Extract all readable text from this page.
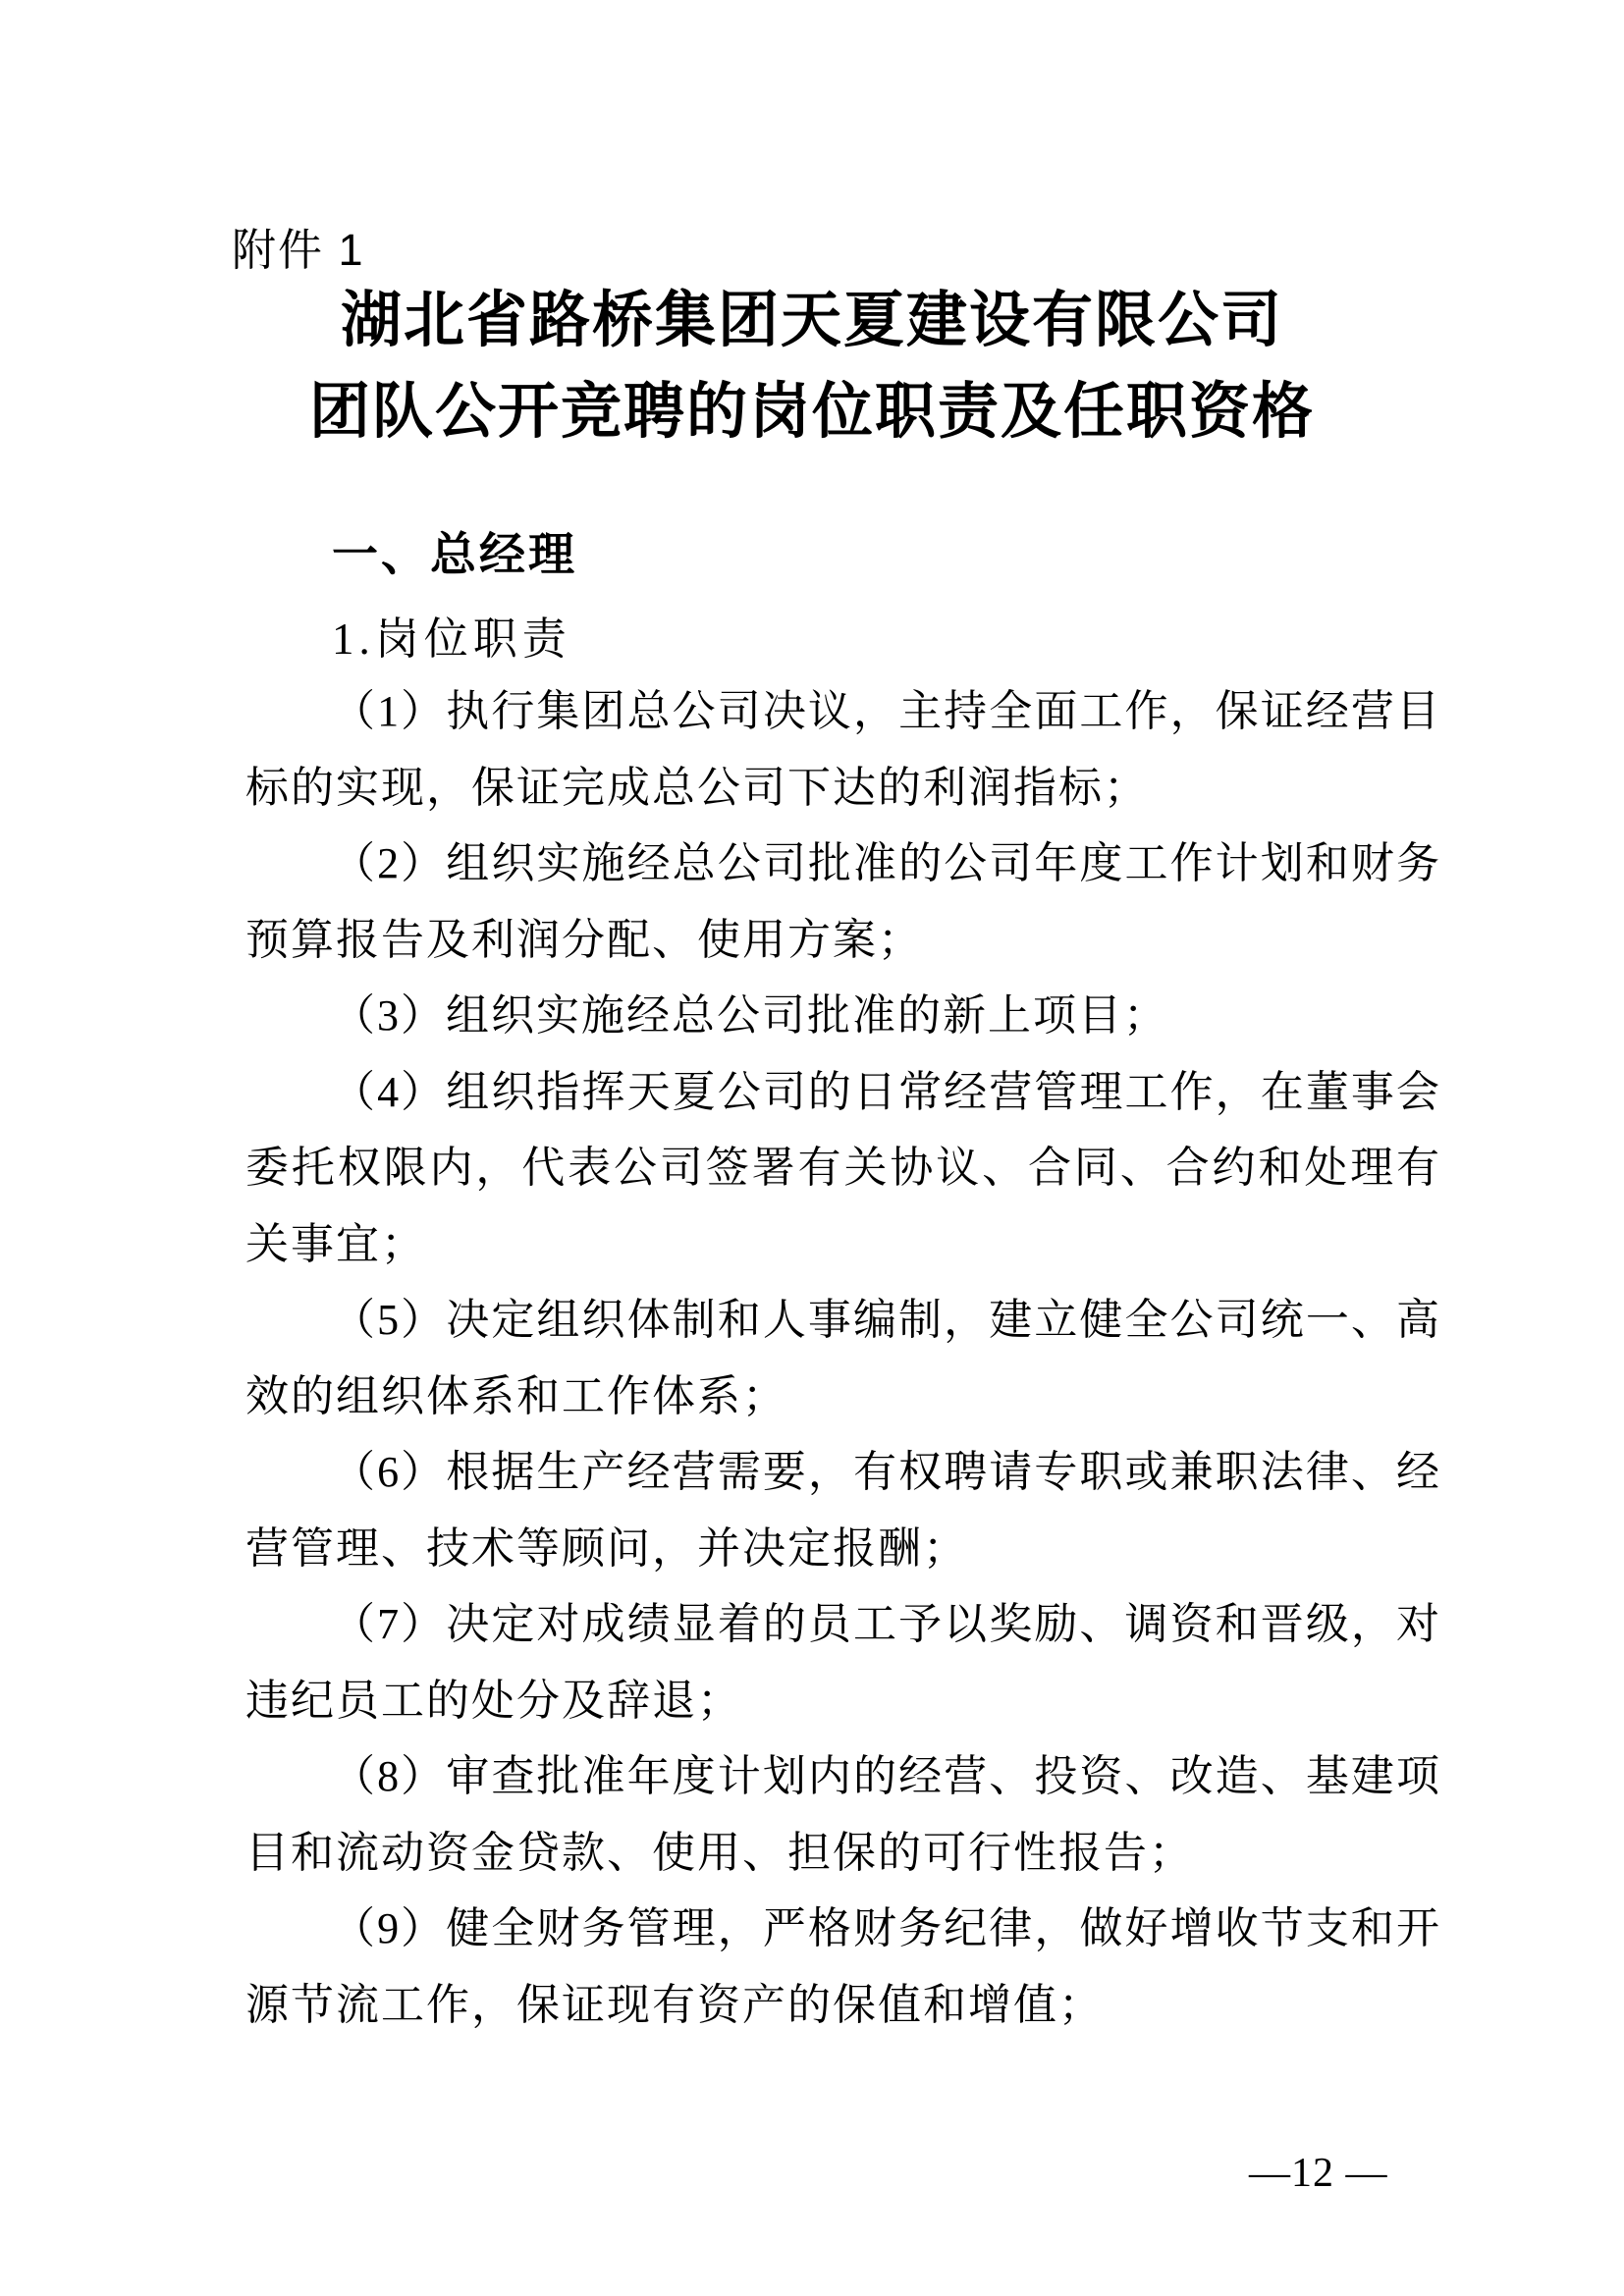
附件 1
湖北省路桥集团天夏建设有限公司
团队公开竞聘的岗位职责及任职资格
一、总经理
1.岗位职责

（1）执行集团总公司决议，主持全面工作，保证经营目标的实现，保证完成总公司下达的利润指标；

（2）组织实施经总公司批准的公司年度工作计划和财务预算报告及利润分配、使用方案；

（3）组织实施经总公司批准的新上项目；

（4）组织指挥天夏公司的日常经营管理工作，在董事会委托权限内，代表公司签署有关协议、合同、合约和处理有关事宜；

（5）决定组织体制和人事编制，建立健全公司统一、高效的组织体系和工作体系；

（6）根据生产经营需要，有权聘请专职或兼职法律、经营管理、技术等顾问，并决定报酬；

（7）决定对成绩显着的员工予以奖励、调资和晋级，对违纪员工的处分及辞退；

（8）审查批准年度计划内的经营、投资、改造、基建项目和流动资金贷款、使用、担保的可行性报告；

（9）健全财务管理，严格财务纪律，做好增收节支和开源节流工作，保证现有资产的保值和增值；

—12 —
